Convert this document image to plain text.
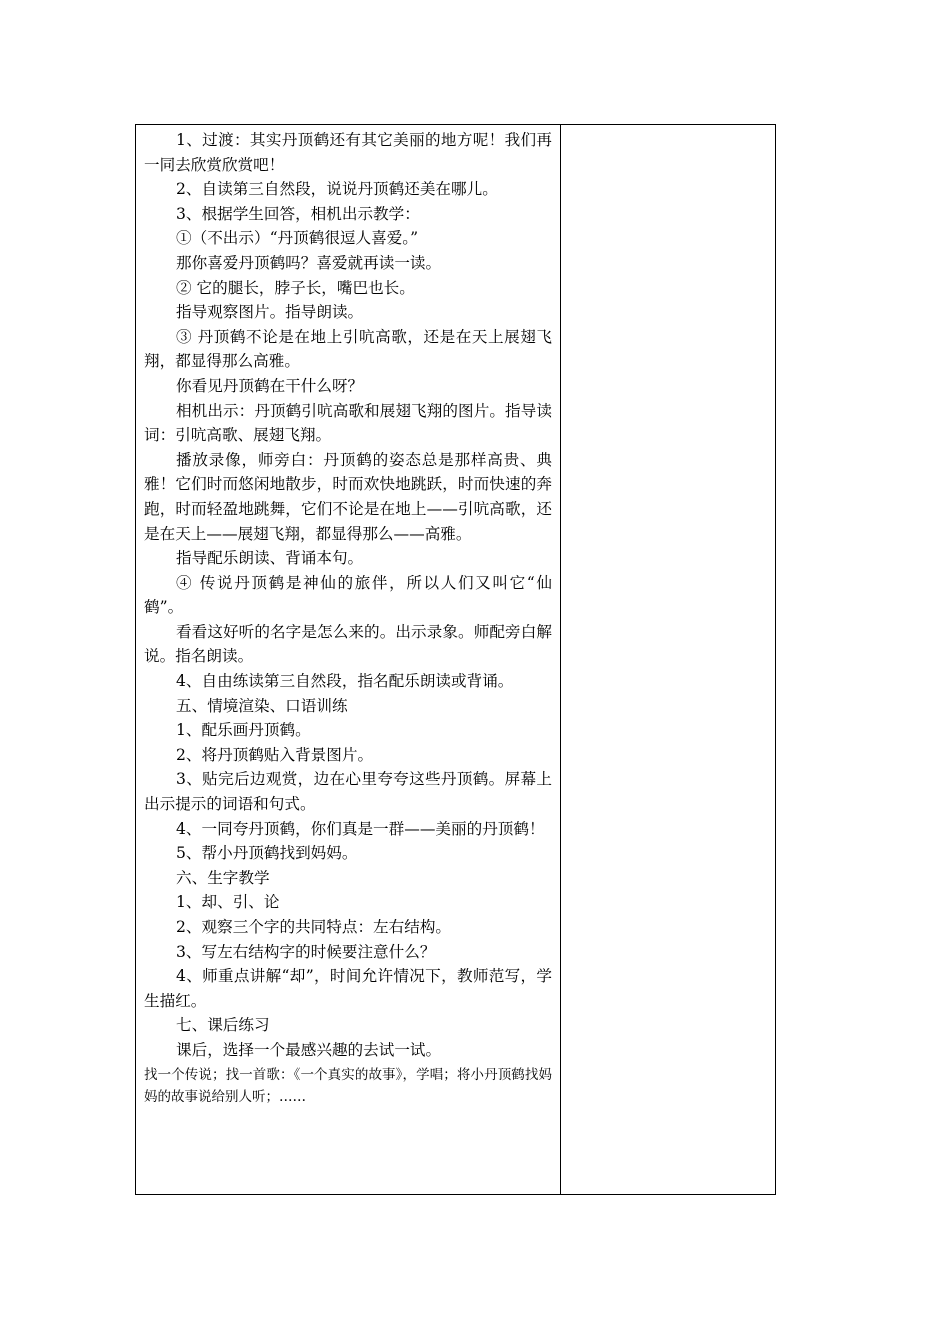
1、过渡：其实丹顶鹤还有其它美丽的地方呢！我们再一同去欣赏欣赏吧！

2、自读第三自然段，说说丹顶鹤还美在哪儿。

3、根据学生回答，相机出示教学：

①（不出示）“丹顶鹤很逗人喜爱。”

那你喜爱丹顶鹤吗？喜爱就再读一读。

② 它的腿长，脖子长，嘴巴也长。

指导观察图片。指导朗读。

③ 丹顶鹤不论是在地上引吭高歌，还是在天上展翅飞翔，都显得那么高雅。

你看见丹顶鹤在干什么呀？

相机出示：丹顶鹤引吭高歌和展翅飞翔的图片。指导读词：引吭高歌、展翅飞翔。

播放录像，师旁白：丹顶鹤的姿态总是那样高贵、典雅！它们时而悠闲地散步，时而欢快地跳跃，时而快速的奔跑，时而轻盈地跳舞，它们不论是在地上——引吭高歌，还是在天上——展翅飞翔，都显得那么——高雅。

指导配乐朗读、背诵本句。

④ 传说丹顶鹤是神仙的旅伴，所以人们又叫它“仙鹤”。

看看这好听的名字是怎么来的。出示录象。师配旁白解说。指名朗读。

4、自由练读第三自然段，指名配乐朗读或背诵。

五、情境渲染、口语训练

1、配乐画丹顶鹤。

2、将丹顶鹤贴入背景图片。

3、贴完后边观赏，边在心里夸夸这些丹顶鹤。屏幕上出示提示的词语和句式。

4、一同夸丹顶鹤，你们真是一群——美丽的丹顶鹤！

5、帮小丹顶鹤找到妈妈。

六、生字教学

1、却、引、论

2、观察三个字的共同特点：左右结构。

3、写左右结构字的时候要注意什么？

4、师重点讲解“却”，时间允许情况下，教师范写，学生描红。

七、课后练习

课后，选择一个最感兴趣的去试一试。

找一个传说；找一首歌：《一个真实的故事》，学唱；将小丹顶鹤找妈妈的故事说给别人听；……
